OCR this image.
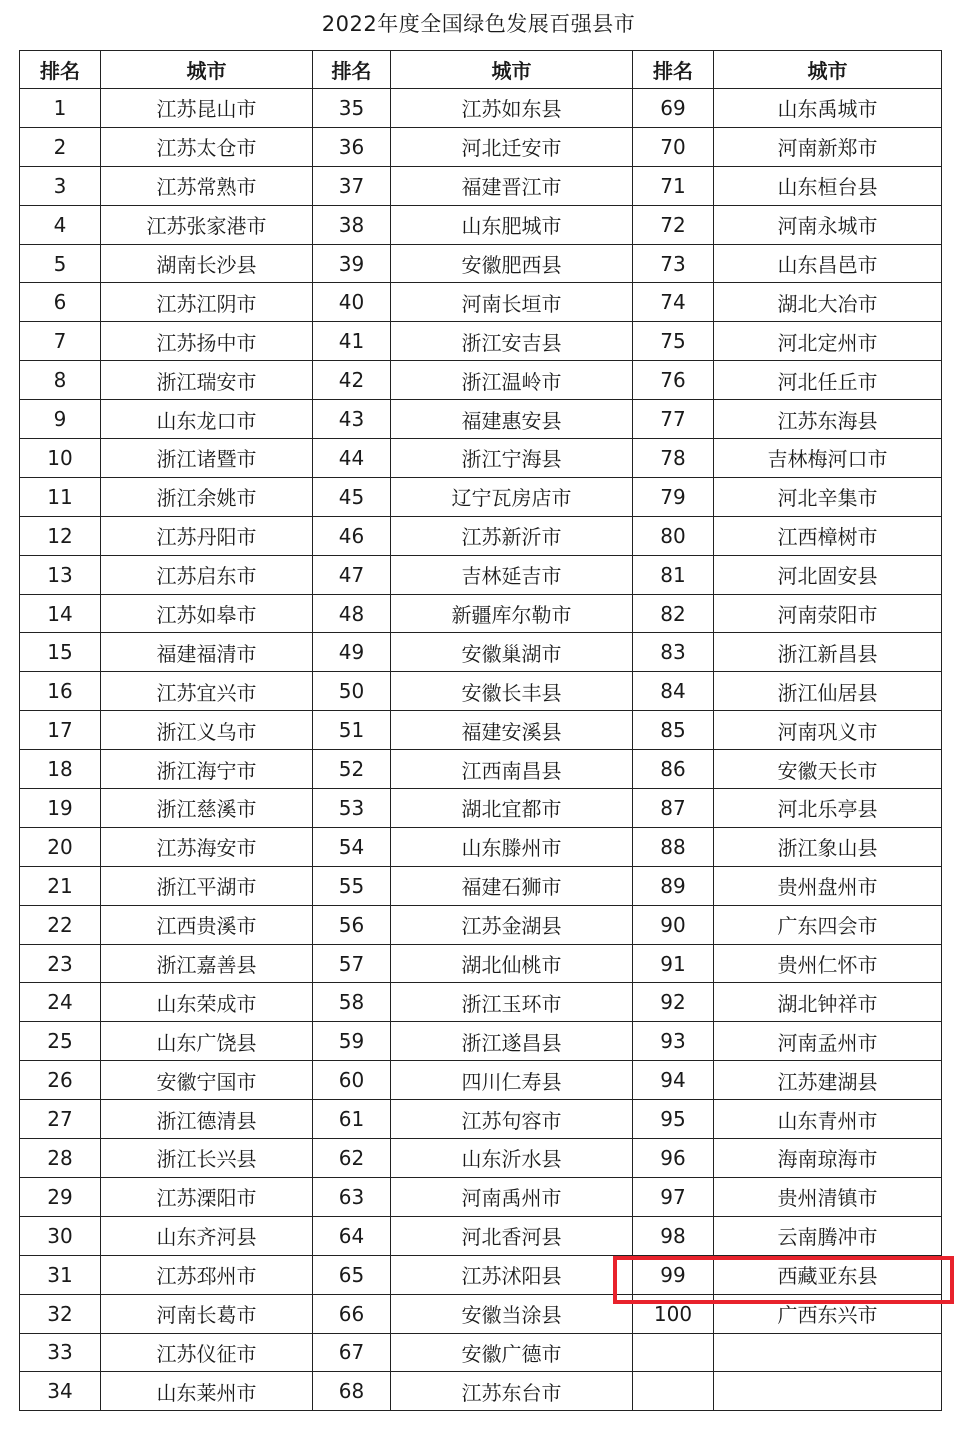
2022年度全国绿色发展百强县市
排名	城市	排名	城市	排名	城市
1	江苏昆山市	35	江苏如东县	69	山东禹城市
2	江苏太仓市	36	河北迁安市	70	河南新郑市
3	江苏常熟市	37	福建晋江市	71	山东桓台县
4	江苏张家港市	38	山东肥城市	72	河南永城市
5	湖南长沙县	39	安徽肥西县	73	山东昌邑市
6	江苏江阴市	40	河南长垣市	74	湖北大冶市
7	江苏扬中市	41	浙江安吉县	75	河北定州市
8	浙江瑞安市	42	浙江温岭市	76	河北任丘市
9	山东龙口市	43	福建惠安县	77	江苏东海县
10	浙江诸暨市	44	浙江宁海县	78	吉林梅河口市
11	浙江余姚市	45	辽宁瓦房店市	79	河北辛集市
12	江苏丹阳市	46	江苏新沂市	80	江西樟树市
13	江苏启东市	47	吉林延吉市	81	河北固安县
14	江苏如皋市	48	新疆库尔勒市	82	河南荥阳市
15	福建福清市	49	安徽巢湖市	83	浙江新昌县
16	江苏宜兴市	50	安徽长丰县	84	浙江仙居县
17	浙江义乌市	51	福建安溪县	85	河南巩义市
18	浙江海宁市	52	江西南昌县	86	安徽天长市
19	浙江慈溪市	53	湖北宜都市	87	河北乐亭县
20	江苏海安市	54	山东滕州市	88	浙江象山县
21	浙江平湖市	55	福建石狮市	89	贵州盘州市
22	江西贵溪市	56	江苏金湖县	90	广东四会市
23	浙江嘉善县	57	湖北仙桃市	91	贵州仁怀市
24	山东荣成市	58	浙江玉环市	92	湖北钟祥市
25	山东广饶县	59	浙江遂昌县	93	河南孟州市
26	安徽宁国市	60	四川仁寿县	94	江苏建湖县
27	浙江德清县	61	江苏句容市	95	山东青州市
28	浙江长兴县	62	山东沂水县	96	海南琼海市
29	江苏溧阳市	63	河南禹州市	97	贵州清镇市
30	山东齐河县	64	河北香河县	98	云南腾冲市
31	江苏邳州市	65	江苏沭阳县	99	西藏亚东县
32	河南长葛市	66	安徽当涂县	100	广西东兴市
33	江苏仪征市	67	安徽广德市		
34	山东莱州市	68	江苏东台市		
